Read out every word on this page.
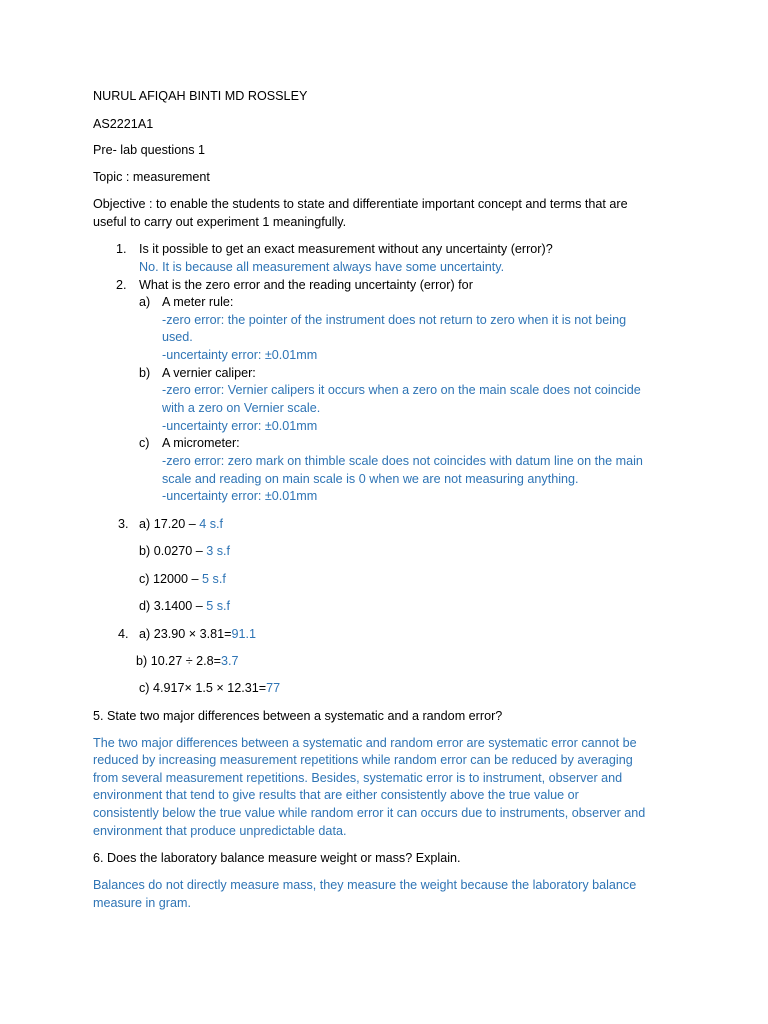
NURUL AFIQAH BINTI MD ROSSLEY
AS2221A1
Pre- lab questions 1
Topic : measurement
Objective : to enable the students to state and differentiate important concept and terms that are
useful to carry out experiment 1 meaningfully.
1. Is it possible to get an exact measurement without any uncertainty (error)?
No. It is because all measurement always have some uncertainty.
2. What is the zero error and the reading uncertainty (error) for
a) A meter rule:
-zero error: the pointer of the instrument does not return to zero when it is not being
used.
-uncertainty error: ±0.01mm
b) A vernier caliper:
-zero error: Vernier calipers it occurs when a zero on the main scale does not coincide
with a zero on Vernier scale.
-uncertainty error: ±0.01mm
c) A micrometer:
-zero error: zero mark on thimble scale does not coincides with datum line on the main
scale and reading on main scale is 0 when we are not measuring anything.
-uncertainty error: ±0.01mm
3. a) 17.20 – 4 s.f
b) 0.0270 – 3 s.f
c) 12000 – 5 s.f
d) 3.1400 – 5 s.f
4. a) 23.90 × 3.81=91.1
b) 10.27 ÷ 2.8=3.7
c) 4.917× 1.5 × 12.31=77
5. State two major differences between a systematic and a random error?
The two major differences between a systematic and random error are systematic error cannot be
reduced by increasing measurement repetitions while random error can be reduced by averaging
from several measurement repetitions. Besides, systematic error is to instrument, observer and
environment that tend to give results that are either consistently above the true value or
consistently below the true value while random error it can occurs due to instruments, observer and
environment that produce unpredictable data.
6. Does the laboratory balance measure weight or mass? Explain.
Balances do not directly measure mass, they measure the weight because the laboratory balance
measure in gram.
